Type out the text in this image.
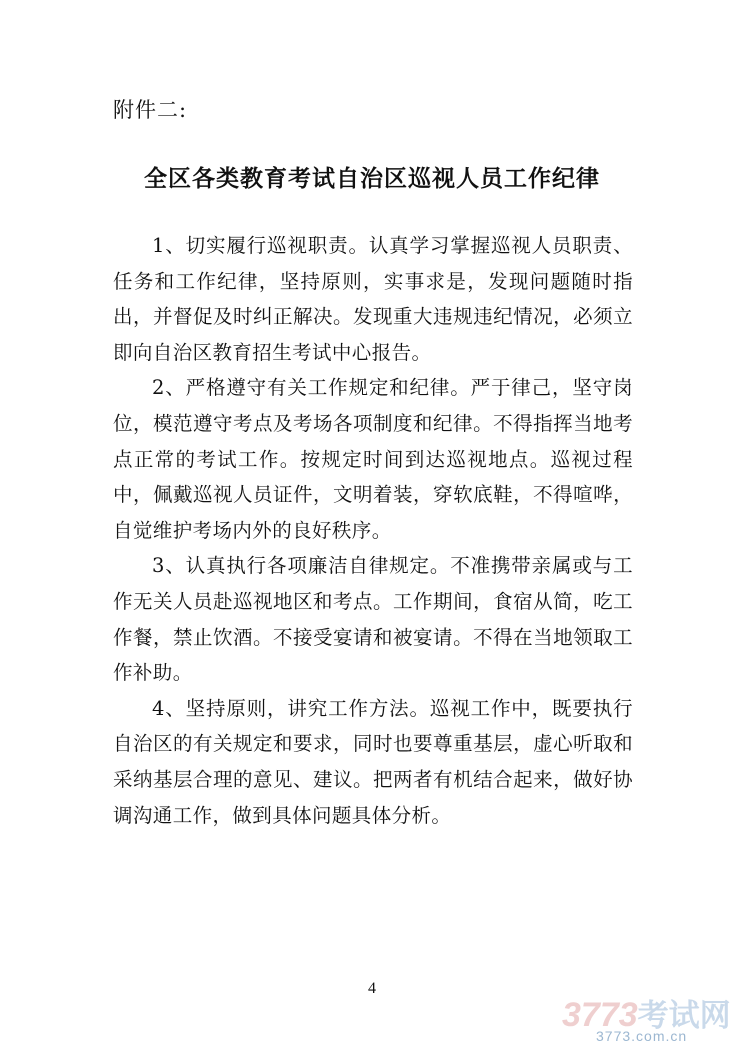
附件二:
全区各类教育考试自治区巡视人员工作纪律

1、切实履行巡视职责。认真学习掌握巡视人员职责、任务和工作纪律，坚持原则，实事求是，发现问题随时指出，并督促及时纠正解决。发现重大违规违纪情况，必须立即向自治区教育招生考试中心报告。

2、严格遵守有关工作规定和纪律。严于律己，坚守岗位，模范遵守考点及考场各项制度和纪律。不得指挥当地考点正常的考试工作。按规定时间到达巡视地点。巡视过程中，佩戴巡视人员证件，文明着装，穿软底鞋，不得喧哗，自觉维护考场内外的良好秩序。

3、认真执行各项廉洁自律规定。不准携带亲属或与工作无关人员赴巡视地区和考点。工作期间，食宿从简，吃工作餐，禁止饮酒。不接受宴请和被宴请。不得在当地领取工作补助。

4、坚持原则，讲究工作方法。巡视工作中，既要执行自治区的有关规定和要求，同时也要尊重基层，虚心听取和采纳基层合理的意见、建议。把两者有机结合起来，做好协调沟通工作，做到具体问题具体分析。

4
3773考试网
3773.com.cn
